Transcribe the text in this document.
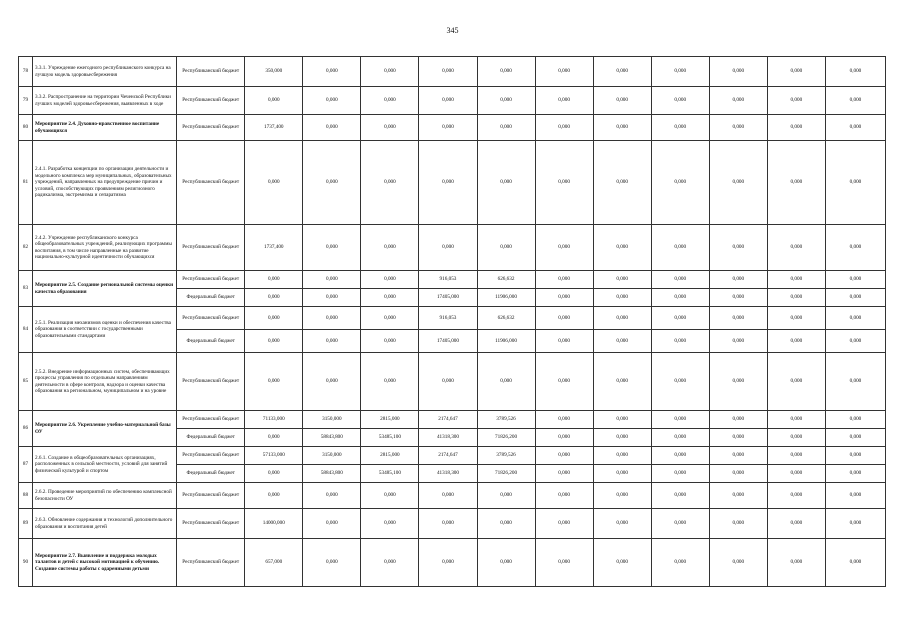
345
78	3.3.1. Учреждение ежегодного республиканского конкурса на лучшую модель здоровьесбережения	Республиканский бюджет	350,000	0,000	0,000	0,000	0,000	0,000	0,000	0,000	0,000	0,000	0,000
79	3.3.2. Распространение на территории Чеченской Республики лучших моделей здоровьесбережения, выявленных в ходе	Республиканский бюджет	0,000	0,000	0,000	0,000	0,000	0,000	0,000	0,000	0,000	0,000	0,000
80	Мероприятие 2.4. Духовно-нравственное воспитание обучающихся	Республиканский бюджет	1737,400	0,000	0,000	0,000	0,000	0,000	0,000	0,000	0,000	0,000	0,000
81	2.4.1. Разработка концепции по организации деятельности и модельного комплекса мер муниципальных, образовательных учреждений, направленных на предупреждение причин и условий, способствующих проявлениям религиозного радикализма, экстремизма и сепаратизма	Республиканский бюджет	0,000	0,000	0,000	0,000	0,000	0,000	0,000	0,000	0,000	0,000	0,000
82	2.4.2. Учреждение республиканского конкурса общеобразовательных учреждений, реализующих программы воспитания, в том числе направленные на развитие национально-культурной идентичности обучающихся	Республиканский бюджет	1737,400	0,000	0,000	0,000	0,000	0,000	0,000	0,000	0,000	0,000	0,000
83	Мероприятие 2.5. Создание региональной системы оценки качества образования	Республиканский бюджет	0,000	0,000	0,000	916,053	626,632	0,000	0,000	0,000	0,000	0,000	0,000
		Федеральный бюджет	0,000	0,000	0,000	17405,000	11906,000	0,000	0,000	0,000	0,000	0,000	0,000
84	2.5.1. Реализация механизмов оценки и обеспечения качества образования в соответствии с государственными образовательными стандартами	Республиканский бюджет	0,000	0,000	0,000	916,053	626,632	0,000	0,000	0,000	0,000	0,000	0,000
		Федеральный бюджет	0,000	0,000	0,000	17405,000	11906,000	0,000	0,000	0,000	0,000	0,000	0,000
85	2.5.2. Внедрение информационных систем, обеспечивающих процессы управления по отдельным направлениям деятельности в сфере контроля, надзора и оценки качества образования на региональном, муниципальном и на уровне	Республиканский бюджет	0,000	0,000	0,000	0,000	0,000	0,000	0,000	0,000	0,000	0,000	0,000
86	Мероприятие 2.6. Укрепление учебно-материальной базы ОУ	Республиканский бюджет	71133,000	3150,000	2815,000	2174,647	3789,526	0,000	0,000	0,000	0,000	0,000	0,000
		Федеральный бюджет	0,000	58843,800	53485,100	41318,300	71826,200	0,000	0,000	0,000	0,000	0,000	0,000
87	2.6.1. Создание в общеобразовательных организациях, расположенных в сельской местности, условий для занятий физической культурой и спортом	Республиканский бюджет	57133,000	3150,000	2815,000	2174,647	3789,526	0,000	0,000	0,000	0,000	0,000	0,000
		Федеральный бюджет	0,000	58843,800	53485,100	41318,300	71826,200	0,000	0,000	0,000	0,000	0,000	0,000
88	2.6.2. Проведение мероприятий по обеспечению комплексной безопасности ОУ	Республиканский бюджет	0,000	0,000	0,000	0,000	0,000	0,000	0,000	0,000	0,000	0,000	0,000
89	2.6.3. Обновление содержания и технологий дополнительного образования и воспитания детей	Республиканский бюджет	14000,000	0,000	0,000	0,000	0,000	0,000	0,000	0,000	0,000	0,000	0,000
90	Мероприятие 2.7. Выявление и поддержка молодых талантов и детей с высокой мотивацией к обучению. Создание системы работы с одаренными детьми	Республиканский бюджет	657,000	0,000	0,000	0,000	0,000	0,000	0,000	0,000	0,000	0,000	0,000
